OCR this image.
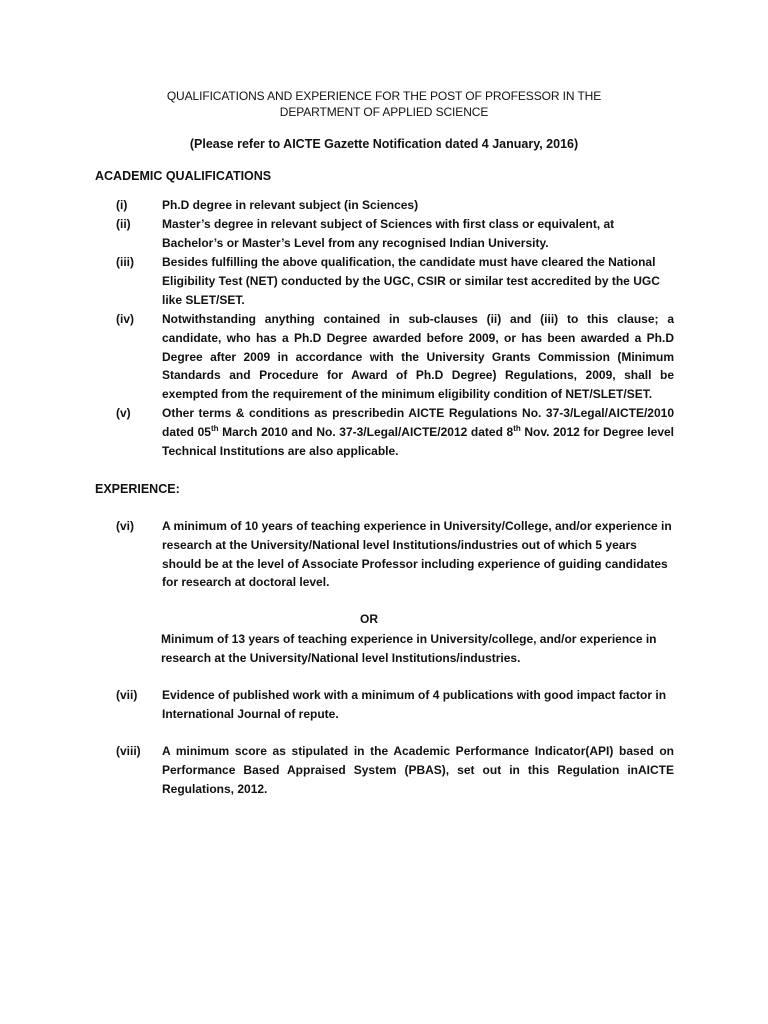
QUALIFICATIONS AND EXPERIENCE FOR THE POST OF PROFESSOR IN THE
DEPARTMENT OF APPLIED SCIENCE
(Please refer to AICTE Gazette Notification dated 4 January, 2016)
ACADEMIC QUALIFICATIONS
(i)	Ph.D degree in relevant subject (in Sciences)
(ii)	Master’s degree in relevant subject of Sciences with first class or equivalent, at Bachelor’s or Master’s Level from any recognised Indian University.
(iii)	Besides fulfilling the above qualification, the candidate must have cleared the National Eligibility Test (NET) conducted by the UGC, CSIR or similar test accredited by the UGC like SLET/SET.
(iv)	Notwithstanding anything contained in sub-clauses (ii) and (iii) to this clause; a candidate, who has a Ph.D Degree awarded before 2009, or has been awarded a Ph.D Degree after 2009 in accordance with the University Grants Commission (Minimum Standards and Procedure for Award of Ph.D Degree) Regulations, 2009, shall be exempted from the requirement of the minimum eligibility condition of NET/SLET/SET.
(v)	Other terms & conditions as prescribedin AICTE Regulations No. 37-3/Legal/AICTE/2010 dated 05th March 2010 and No. 37-3/Legal/AICTE/2012 dated 8th Nov. 2012 for Degree level Technical Institutions are also applicable.
EXPERIENCE:
(vi)	A minimum of 10 years of teaching experience in University/College, and/or experience in research at the University/National level Institutions/industries out of which 5 years should be at the level of Associate Professor including experience of guiding candidates for research at doctoral level.
OR
Minimum of 13 years of teaching experience in University/college, and/or experience in research at the University/National level Institutions/industries.
(vii)	Evidence of published work with a minimum of 4 publications with good impact factor in International Journal of repute.
(viii)	A minimum score as stipulated in the Academic Performance Indicator(API) based on Performance Based Appraised System (PBAS), set out in this Regulation inAICTE Regulations, 2012.
